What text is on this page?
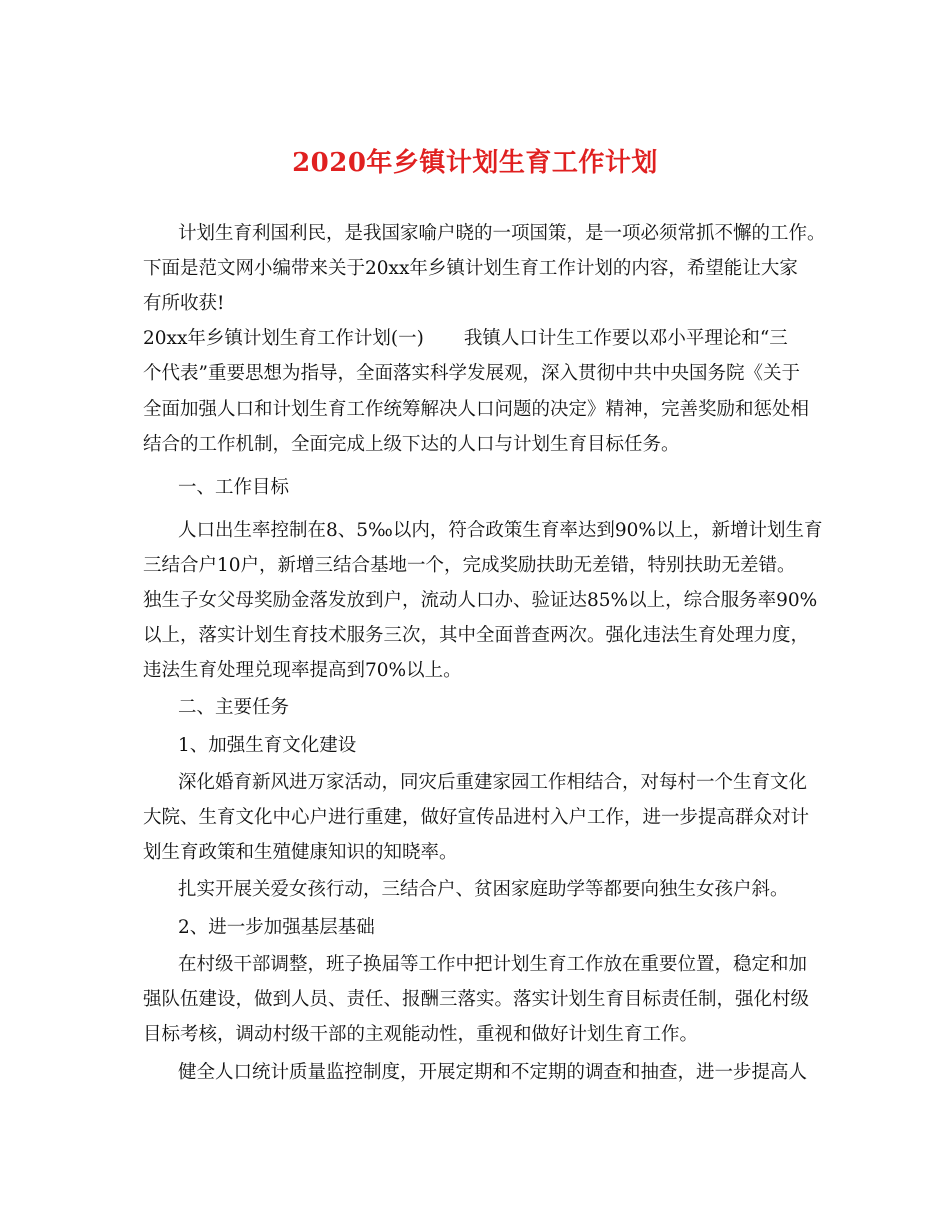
2020年乡镇计划生育工作计划
计划生育利国利民，是我国家喻户晓的一项国策，是一项必须常抓不懈的工作。
下面是范文网小编带来关于20xx年乡镇计划生育工作计划的内容，希望能让大家
有所收获!
20xx年乡镇计划生育工作计划(一) 我镇人口计生工作要以邓小平理论和“三
个代表”重要思想为指导，全面落实科学发展观，深入贯彻中共中央国务院《关于
全面加强人口和计划生育工作统筹解决人口问题的决定》精神，完善奖励和惩处相
结合的工作机制，全面完成上级下达的人口与计划生育目标任务。
一、工作目标
人口出生率控制在8、5‰以内，符合政策生育率达到90%以上，新增计划生育
三结合户10户，新增三结合基地一个，完成奖励扶助无差错，特别扶助无差错。
独生子女父母奖励金落发放到户，流动人口办、验证达85%以上，综合服务率90%
以上，落实计划生育技术服务三次，其中全面普查两次。强化违法生育处理力度，
违法生育处理兑现率提高到70%以上。
二、主要任务
1、加强生育文化建设
深化婚育新风进万家活动，同灾后重建家园工作相结合，对每村一个生育文化
大院、生育文化中心户进行重建，做好宣传品进村入户工作，进一步提高群众对计
划生育政策和生殖健康知识的知晓率。
扎实开展关爱女孩行动，三结合户、贫困家庭助学等都要向独生女孩户斜。
2、进一步加强基层基础
在村级干部调整，班子换届等工作中把计划生育工作放在重要位置，稳定和加
强队伍建设，做到人员、责任、报酬三落实。落实计划生育目标责任制，强化村级
目标考核，调动村级干部的主观能动性，重视和做好计划生育工作。
健全人口统计质量监控制度，开展定期和不定期的调查和抽查，进一步提高人
